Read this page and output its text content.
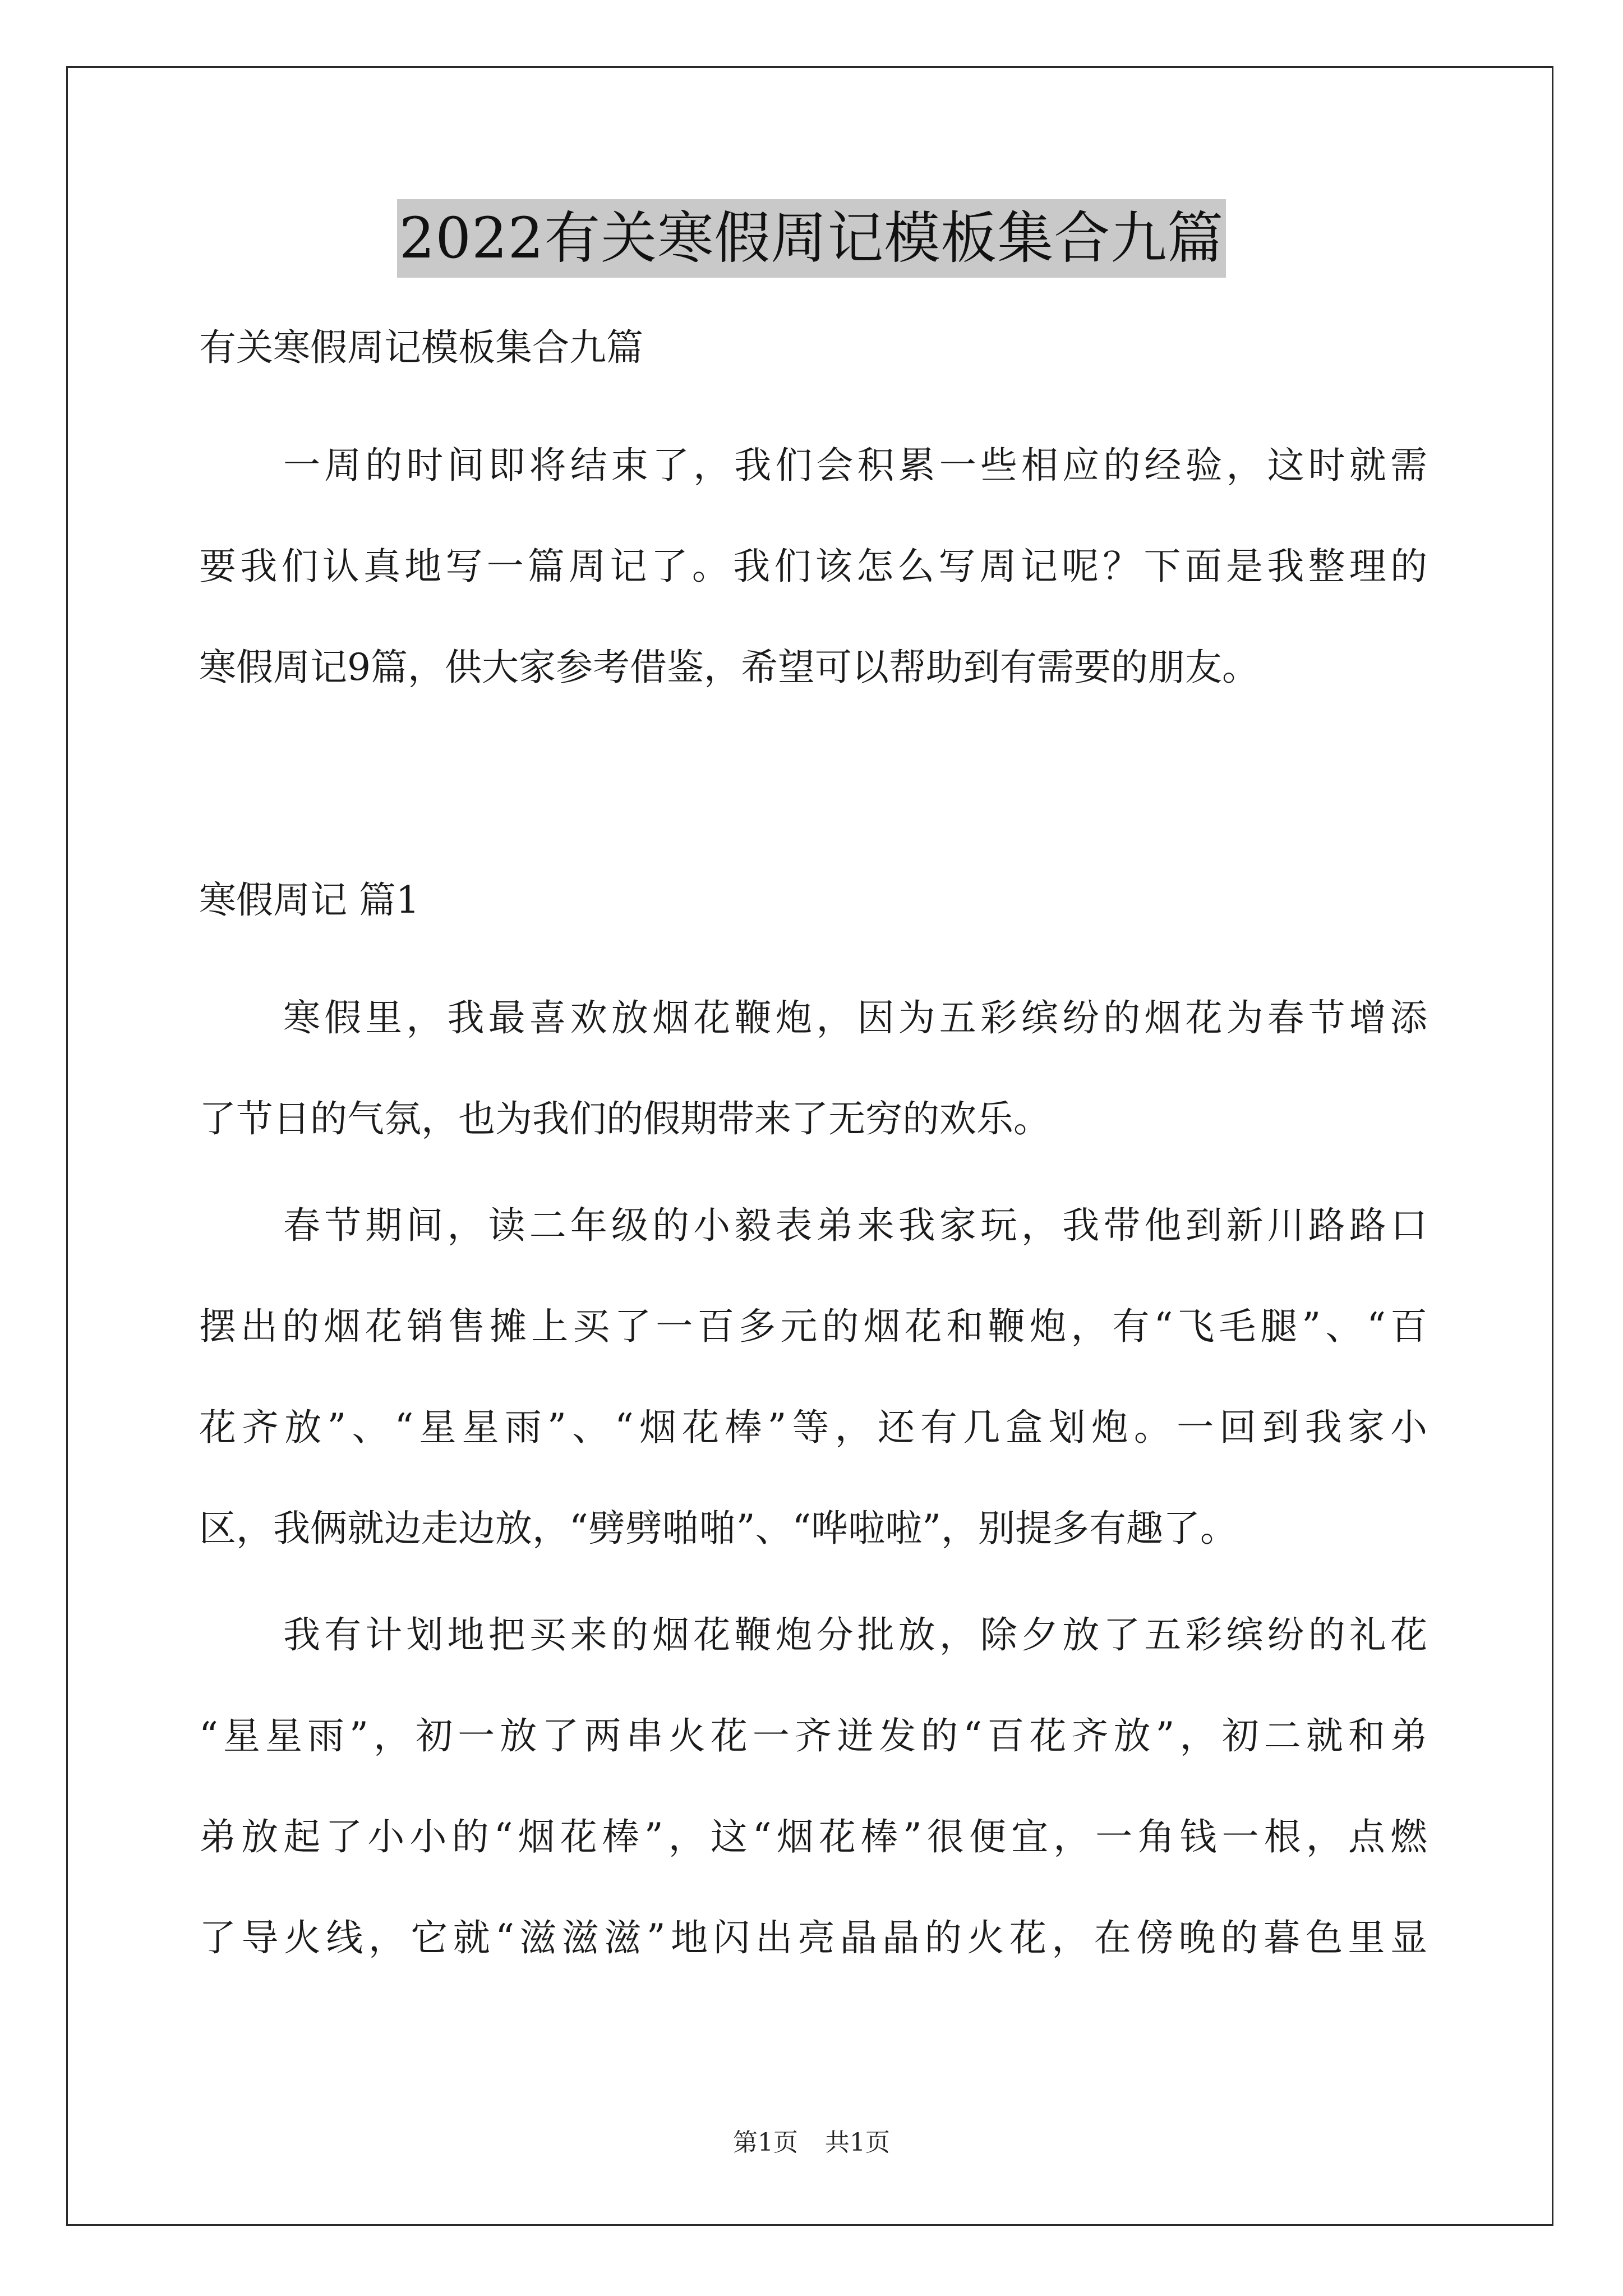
2022有关寒假周记模板集合九篇
有关寒假周记模板集合九篇
一周的时间即将结束了，我们会积累一些相应的经验，这时就需
要我们认真地写一篇周记了。我们该怎么写周记呢？下面是我整理的
寒假周记9篇，供大家参考借鉴，希望可以帮助到有需要的朋友。
寒假周记 篇1
寒假里，我最喜欢放烟花鞭炮，因为五彩缤纷的烟花为春节增添
了节日的气氛，也为我们的假期带来了无穷的欢乐。
春节期间，读二年级的小毅表弟来我家玩，我带他到新川路路口
摆出的烟花销售摊上买了一百多元的烟花和鞭炮，有“飞毛腿”、“百
花齐放”、“星星雨”、“烟花棒”等，还有几盒划炮。一回到我家小
区，我俩就边走边放，“劈劈啪啪”、“哗啦啦”，别提多有趣了。
我有计划地把买来的烟花鞭炮分批放，除夕放了五彩缤纷的礼花
“星星雨”，初一放了两串火花一齐迸发的“百花齐放”，初二就和弟
弟放起了小小的“烟花棒”，这“烟花棒”很便宜，一角钱一根，点燃
了导火线，它就“滋滋滋”地闪出亮晶晶的火花，在傍晚的暮色里显
第1页 共1页
